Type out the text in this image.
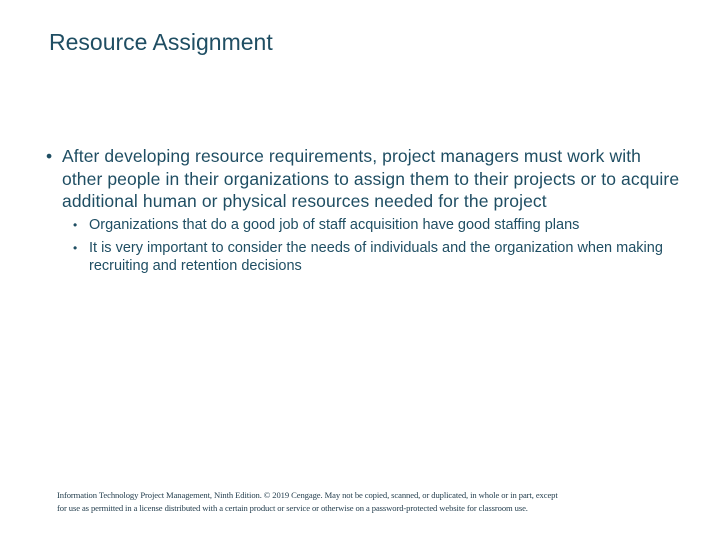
Resource Assignment
• After developing resource requirements, project managers must work with other people in their organizations to assign them to their projects or to acquire additional human or physical resources needed for the project
• Organizations that do a good job of staff acquisition have good staffing plans
• It is very important to consider the needs of individuals and the organization when making recruiting and retention decisions
Information Technology Project Management, Ninth Edition. © 2019 Cengage. May not be copied, scanned, or duplicated, in whole or in part, except
for use as permitted in a license distributed with a certain product or service or otherwise on a password-protected website for classroom use.
